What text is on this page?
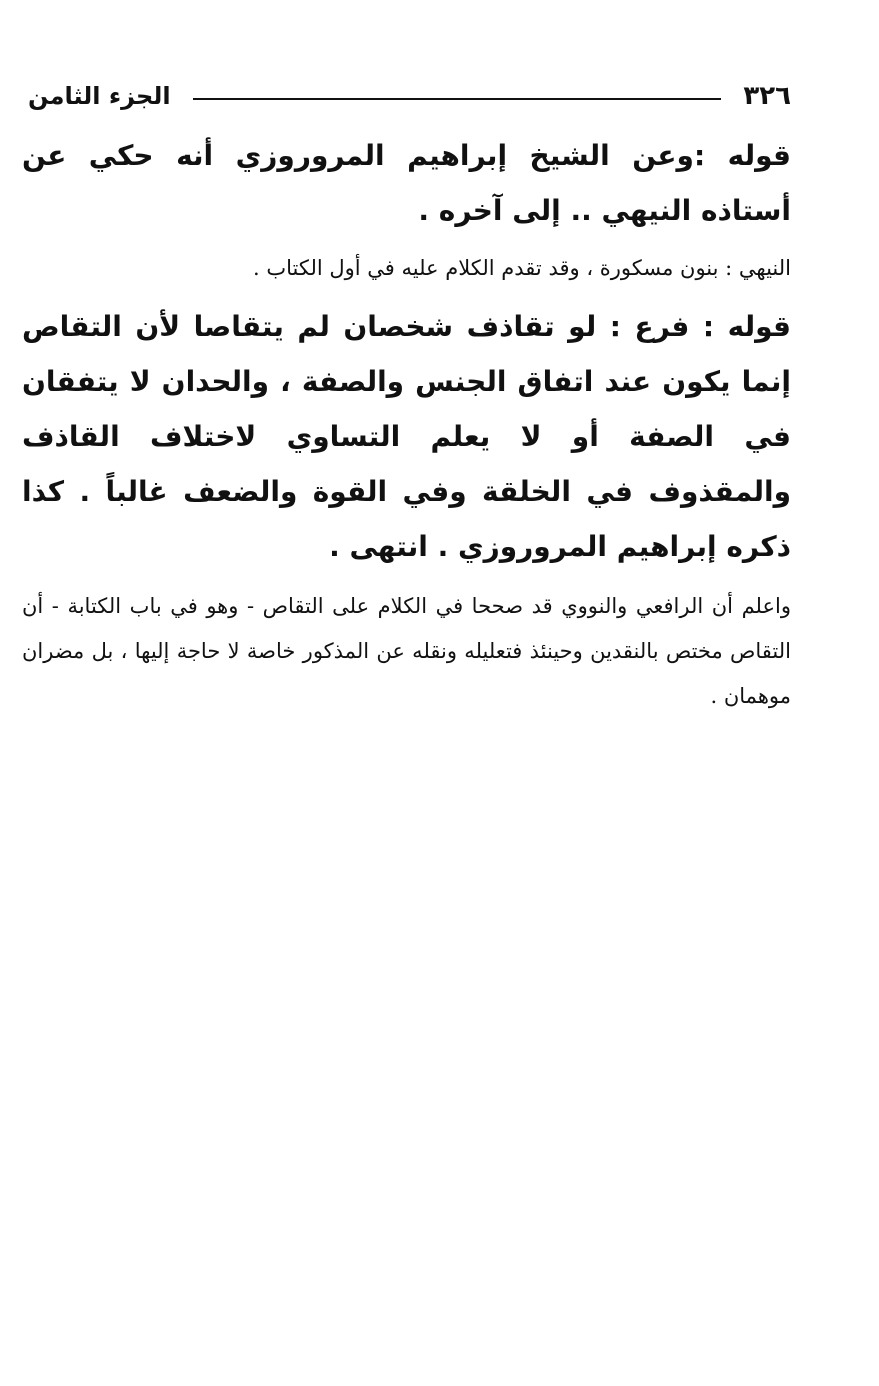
٣٢٦
الجزء الثامن

قوله :وعن الشيخ إبراهيم المروروزي أنه حكي عن أستاذه النيهي .. إلى آخره .

النيهي : بنون مسكورة ، وقد تقدم الكلام عليه في أول الكتاب .

قوله : فرع : لو تقاذف شخصان لم يتقاصا لأن التقاص إنما يكون عند اتفاق الجنس والصفة ، والحدان لا يتفقان في الصفة أو لا يعلم التساوي لاختلاف القاذف والمقذوف في الخلقة وفي القوة والضعف غالباً . كذا ذكره إبراهيم المروروزي . انتهى .

واعلم أن الرافعي والنووي قد صححا في الكلام على التقاص - وهو في باب الكتابة - أن التقاص مختص بالنقدين وحينئذ فتعليله ونقله عن المذكور خاصة لا حاجة إليها ، بل مضران موهمان .
